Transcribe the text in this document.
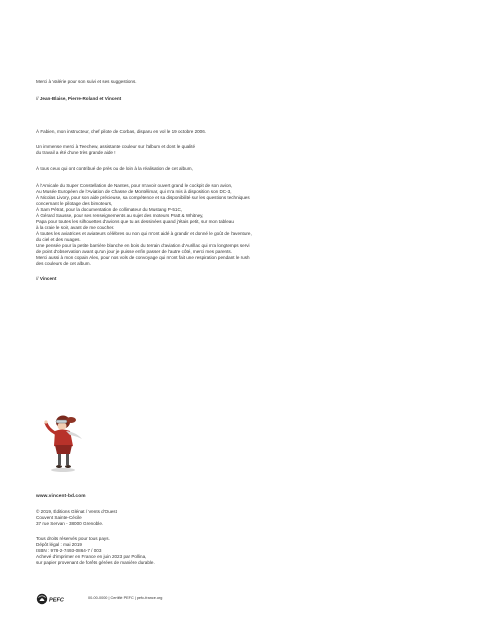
Merci à Valérie pour son suivi et ses suggestions.
// Jean-Blaise, Pierre-Roland et Vincent
À Fabien, mon instructeur, chef pilote de Corbas, disparu en vol le 19 octobre 2006.
Un immense merci à Teechew, assistante couleur sur l'album et dont le qualité
du travail a été d'une très grande aide !
À tous ceux qui ont contribué de près ou de loin à la réalisation de cet album,
À l'Amicale du Super Constellation de Nantes, pour m'avoir ouvert grand le cockpit de son avion,
Au Musée Européen de l'Aviation de Chasse de Montélimar, qui m'a mis à disposition son DC-3,
À Nicolas Livory, pour son aide précieuse, sa compétence et sa disponibilité sur les questions techniques
concernant le pilotage des bimoteurs,
À Sam Pétrat, pour la documentation de collimateur du Mustang P-51C,
À Gérard Sausse, pour ses renseignements au sujet des moteurs Pratt & Whitney,
Papa pour toutes les silhouettes d'avions que tu as dessinées quand j'étais petit, sur mon tableau
à la craie le soir, avant de me coucher.
À toutes les aviatrices et aviateurs célèbres ou non qui m'ont aidé à grandir et donné le goût de l'aventure,
du ciel et des nuages.
Une pensée pour la petite barrière blanche en bois du terrain d'aviation d'Aurillac qui m'a longtemps servi
de point d'observation avant qu'un jour je puisse enfin passer de l'autre côté, merci mes parents.
Merci aussi à mon copain Alex, pour nos vols de convoyage qui m'ont fait une respiration pendant le rush
des couleurs de cet album.
// Vincent
www.vincent-bd.com
© 2019, Éditions Glénat / Vents d'Ouest
Couvent Sainte-Cécile
37 rue Servan - 38000 Grenoble.
Tous droits réservés pour tous pays.
Dépôt légal : mai 2019
ISBN : 978-2-7493-0864-7 / 003
Achevé d'imprimer en France en juin 2023 par Pollina,
sur papier provenant de forêts gérées de manière durable.
PEFC	00-00-0000 | Certifié PEFC | pefc-france.org
